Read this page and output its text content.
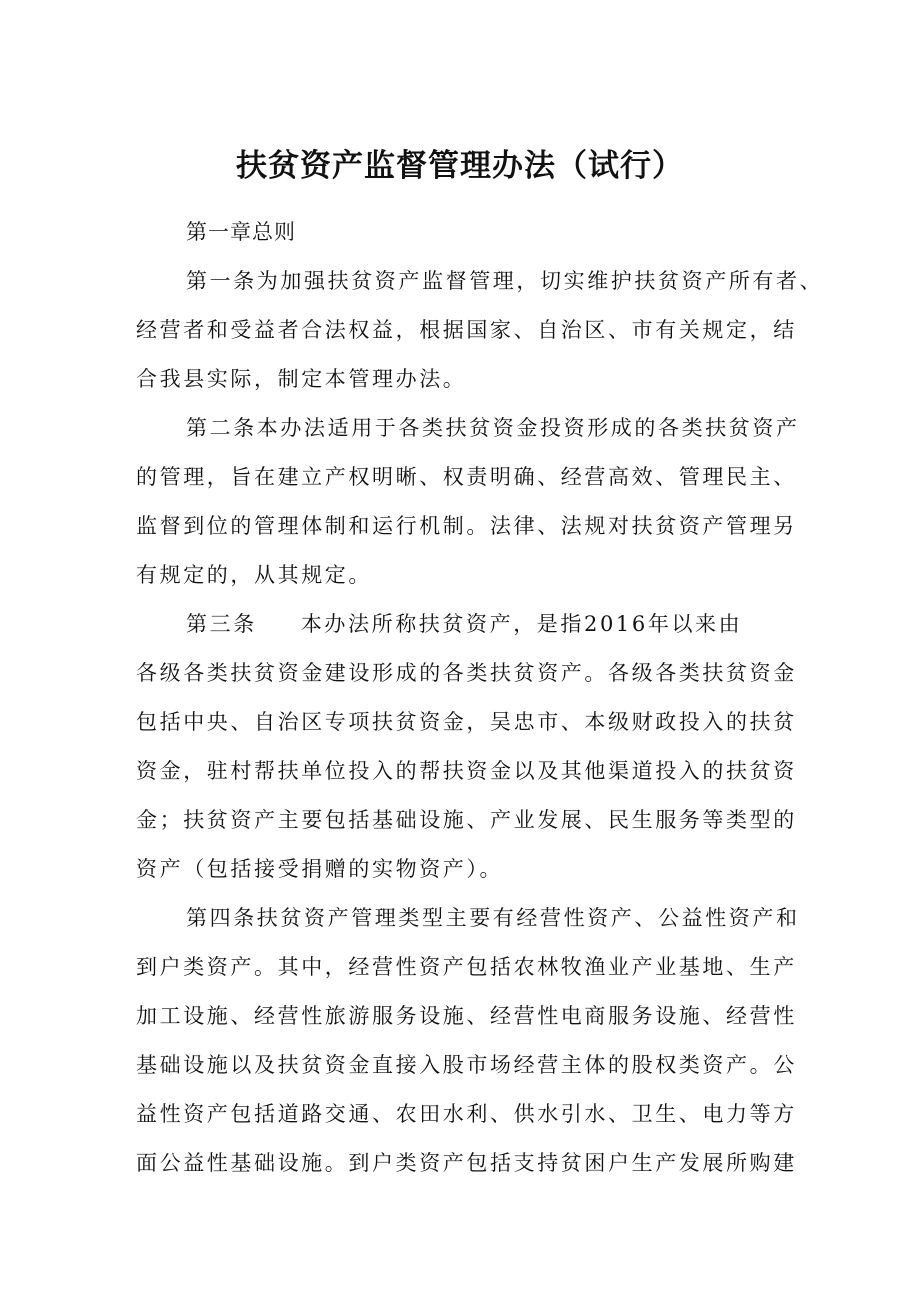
扶贫资产监督管理办法（试行）
第一章总则
第一条为加强扶贫资产监督管理，切实维护扶贫资产所有者、
经营者和受益者合法权益，根据国家、自治区、市有关规定，结
合我县实际，制定本管理办法。
第二条本办法适用于各类扶贫资金投资形成的各类扶贫资产
的管理，旨在建立产权明晰、权责明确、经营高效、管理民主、
监督到位的管理体制和运行机制。法律、法规对扶贫资产管理另
有规定的，从其规定。
第三条 本办法所称扶贫资产，是指2016年以来由
各级各类扶贫资金建设形成的各类扶贫资产。各级各类扶贫资金
包括中央、自治区专项扶贫资金，吴忠市、本级财政投入的扶贫
资金，驻村帮扶单位投入的帮扶资金以及其他渠道投入的扶贫资
金；扶贫资产主要包括基础设施、产业发展、民生服务等类型的
资产（包括接受捐赠的实物资产）。
第四条扶贫资产管理类型主要有经营性资产、公益性资产和
到户类资产。其中，经营性资产包括农林牧渔业产业基地、生产
加工设施、经营性旅游服务设施、经营性电商服务设施、经营性
基础设施以及扶贫资金直接入股市场经营主体的股权类资产。公
益性资产包括道路交通、农田水利、供水引水、卫生、电力等方
面公益性基础设施。到户类资产包括支持贫困户生产发展所购建
